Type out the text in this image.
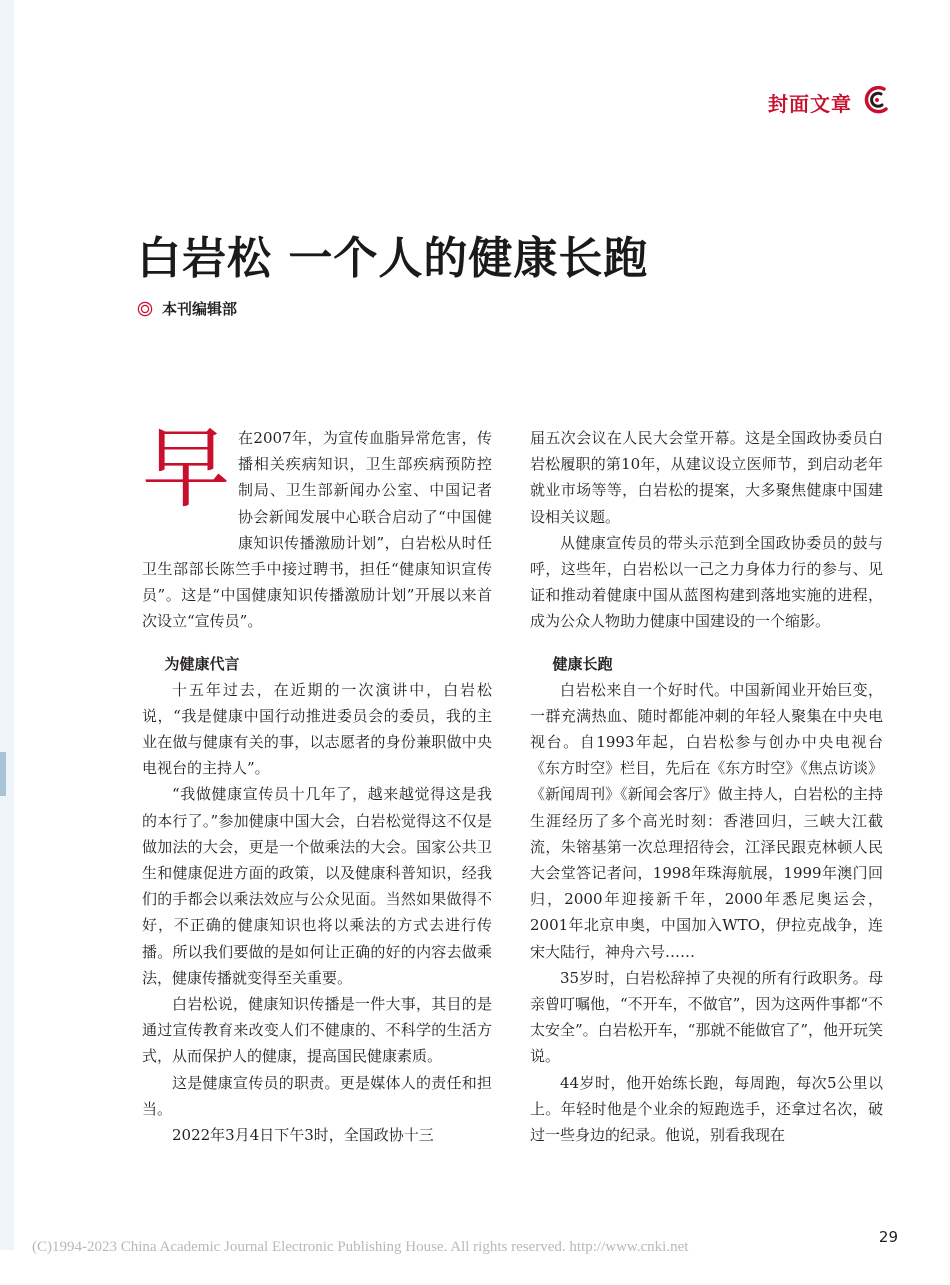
封面文章
白岩松 一个人的健康长跑
本刊编辑部

早在2007年，为宣传血脂异常危害，传播相关疾病知识，卫生部疾病预防控制局、卫生部新闻办公室、中国记者协会新闻发展中心联合启动了“中国健康知识传播激励计划”，白岩松从时任卫生部部长陈竺手中接过聘书，担任“健康知识宣传员”。这是“中国健康知识传播激励计划”开展以来首次设立“宣传员”。

为健康代言

十五年过去，在近期的一次演讲中，白岩松说，“我是健康中国行动推进委员会的委员，我的主业在做与健康有关的事，以志愿者的身份兼职做中央电视台的主持人”。

“我做健康宣传员十几年了，越来越觉得这是我的本行了。”参加健康中国大会，白岩松觉得这不仅是做加法的大会，更是一个做乘法的大会。国家公共卫生和健康促进方面的政策，以及健康科普知识，经我们的手都会以乘法效应与公众见面。当然如果做得不好，不正确的健康知识也将以乘法的方式去进行传播。所以我们要做的是如何让正确的好的内容去做乘法，健康传播就变得至关重要。

白岩松说，健康知识传播是一件大事，其目的是通过宣传教育来改变人们不健康的、不科学的生活方式，从而保护人的健康，提高国民健康素质。

这是健康宣传员的职责。更是媒体人的责任和担当。

2022年3月4日下午3时，全国政协十三

届五次会议在人民大会堂开幕。这是全国政协委员白岩松履职的第10年，从建议设立医师节，到启动老年就业市场等等，白岩松的提案，大多聚焦健康中国建设相关议题。

从健康宣传员的带头示范到全国政协委员的鼓与呼，这些年，白岩松以一己之力身体力行的参与、见证和推动着健康中国从蓝图构建到落地实施的进程，成为公众人物助力健康中国建设的一个缩影。

健康长跑

白岩松来自一个好时代。中国新闻业开始巨变，一群充满热血、随时都能冲刺的年轻人聚集在中央电视台。自1993年起，白岩松参与创办中央电视台《东方时空》栏目，先后在《东方时空》《焦点访谈》《新闻周刊》《新闻会客厅》做主持人，白岩松的主持生涯经历了多个高光时刻：香港回归，三峡大江截流，朱镕基第一次总理招待会，江泽民跟克林顿人民大会堂答记者问，1998年珠海航展，1999年澳门回归，2000年迎接新千年，2000年悉尼奥运会，2001年北京申奥，中国加入WTO，伊拉克战争，连宋大陆行，神舟六号……

35岁时，白岩松辞掉了央视的所有行政职务。母亲曾叮嘱他，“不开车，不做官”，因为这两件事都“不太安全”。白岩松开车，“那就不能做官了”，他开玩笑说。

44岁时，他开始练长跑，每周跑，每次5公里以上。年轻时他是个业余的短跑选手，还拿过名次，破过一些身边的纪录。他说，别看我现在

29
(C)1994-2023 China Academic Journal Electronic Publishing House. All rights reserved. http://www.cnki.net
